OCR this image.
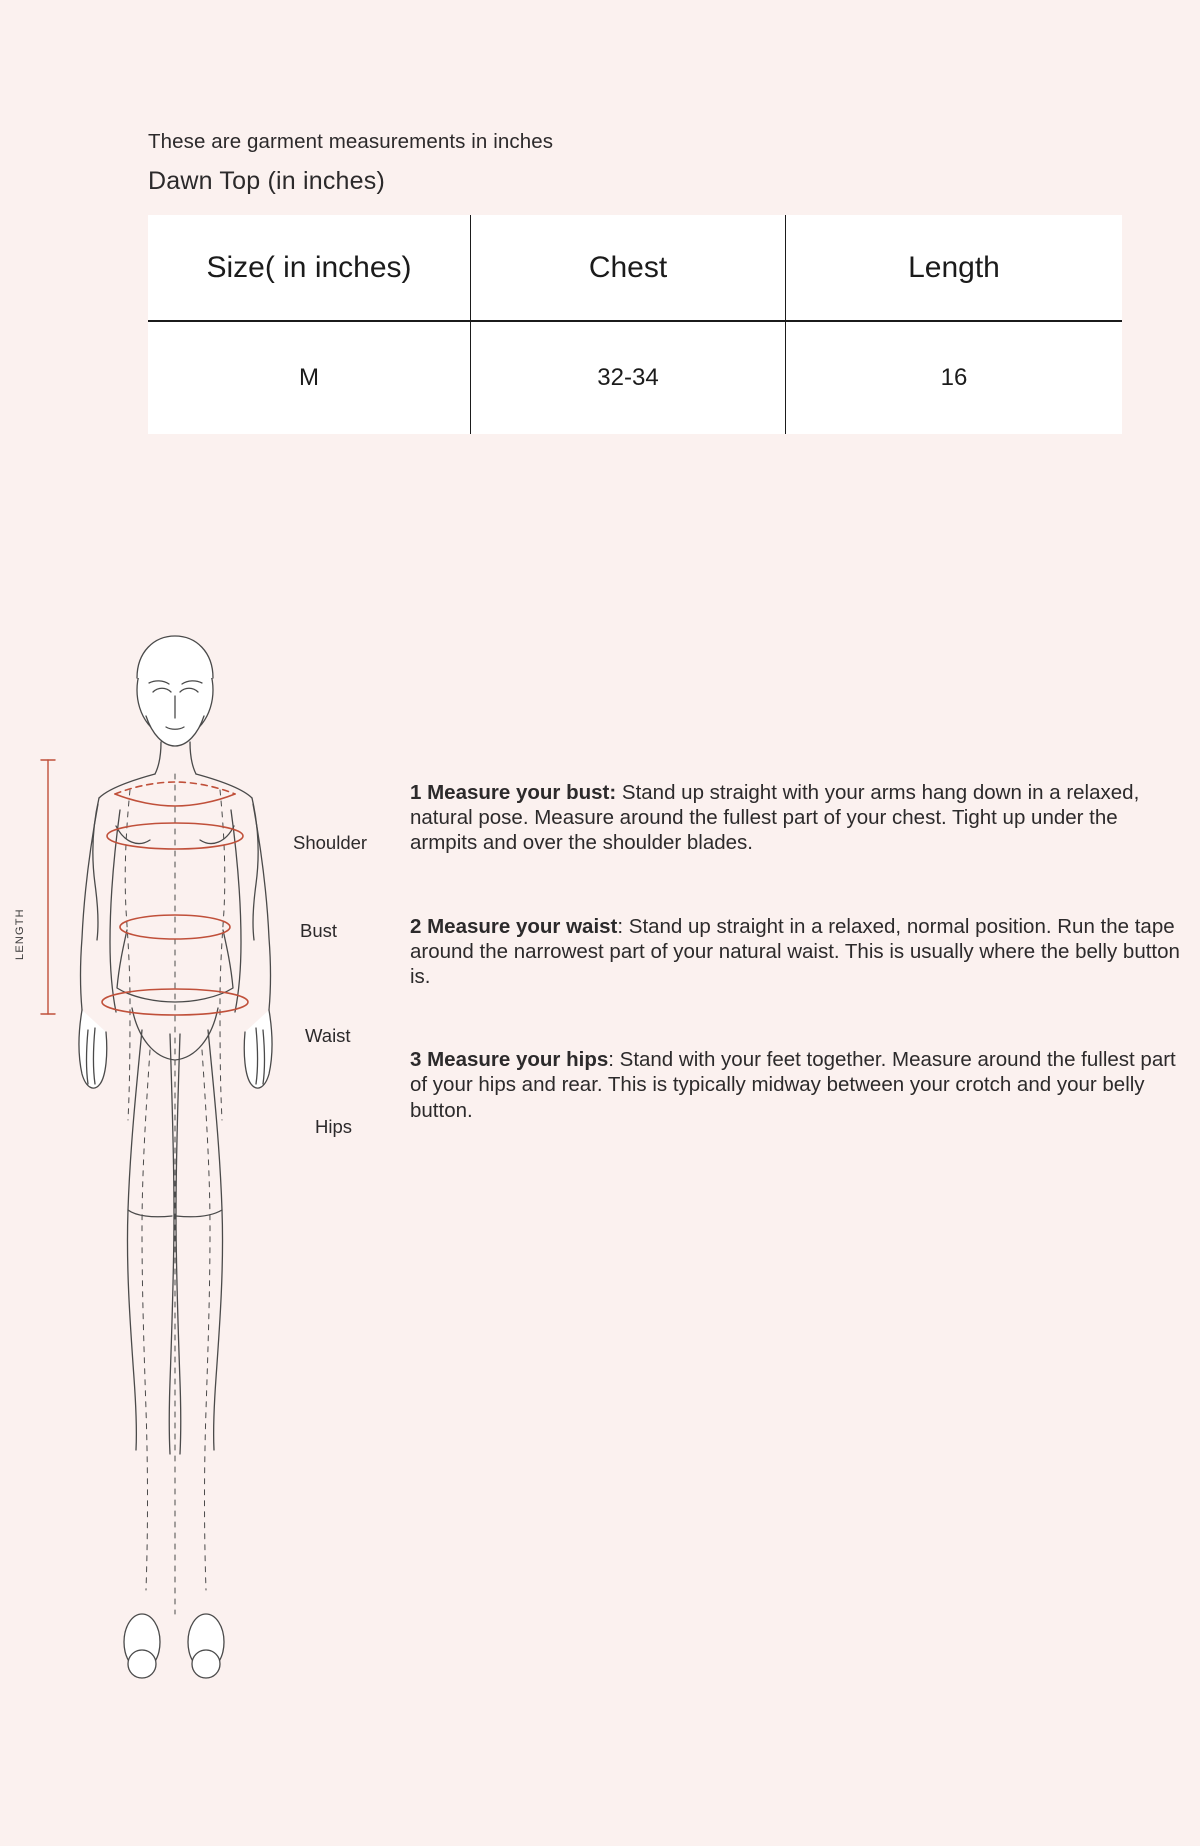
These are garment measurements in inches
Dawn Top (in inches)
Size( in inches)	Chest	Length
M	32-34	16
LENGTH
Shoulder
Bust
Waist
Hips
1 Measure your bust: Stand up straight with your arms hang down in a relaxed, natural pose. Measure around the fullest part of your chest. Tight up under the armpits and over the shoulder blades.
2 Measure your waist: Stand up straight in a relaxed, normal position. Run the tape around the narrowest part of your natural waist. This is usually where the belly button is.
3 Measure your hips: Stand with your feet together. Measure around the fullest part of your hips and rear. This is typically midway between your crotch and your belly button.
